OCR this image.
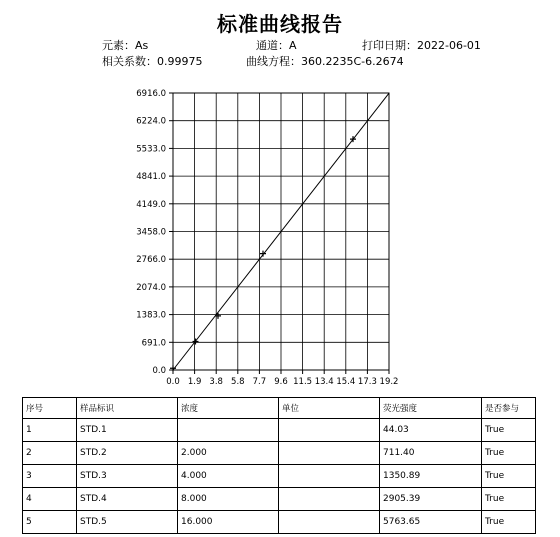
标准曲线报告
元素：As	通道：A	打印日期：2022-06-01
相关系数：0.99975	曲线方程：360.2235C-6.2674
0.0 1.9 3.8 5.8 7.7 9.6 11.5 13.4 15.4 17.3 19.2
0.0
691.0
1383.0
2074.0
2766.0
3458.0
4149.0
4841.0
5533.0
6224.0
6916.0
序号	样品标识	浓度	单位	荧光强度	是否参与
1	STD.1			44.03	True
2	STD.2	2.000		711.40	True
3	STD.3	4.000		1350.89	True
4	STD.4	8.000		2905.39	True
5	STD.5	16.000		5763.65	True
